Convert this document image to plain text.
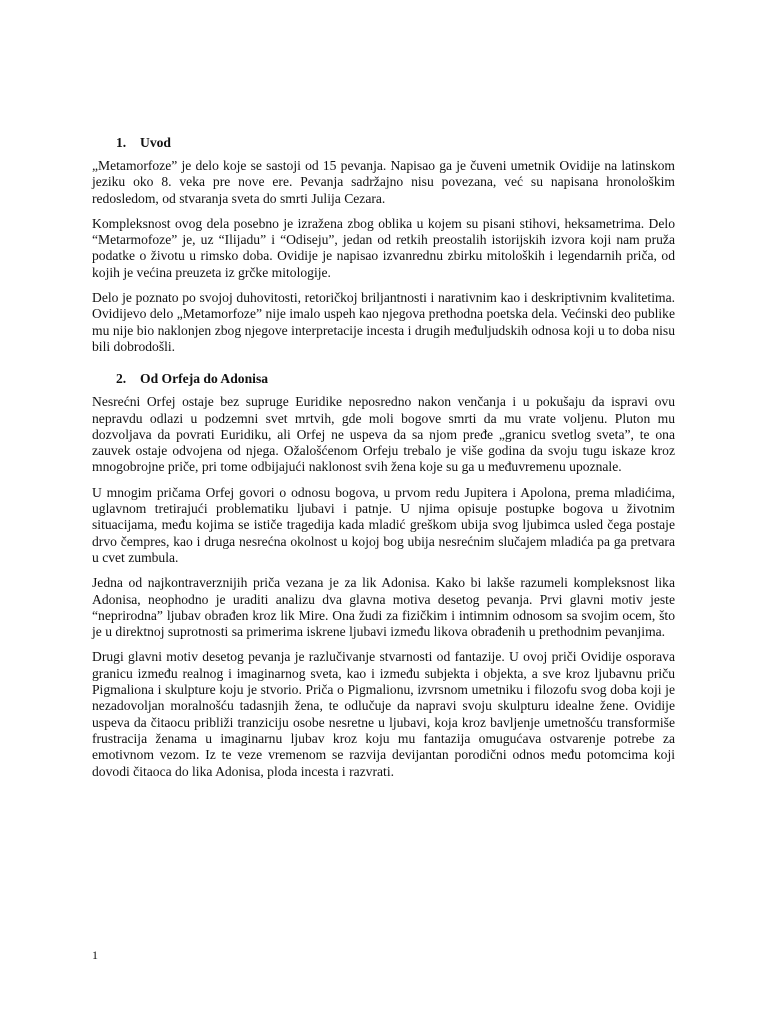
1. Uvod

„Metamorfoze” je delo koje se sastoji od 15 pevanja. Napisao ga je čuveni umetnik Ovidije na latinskom jeziku oko 8. veka pre nove ere. Pevanja sadržajno nisu povezana, već su napisana hronološkim redosledom, od stvaranja sveta do smrti Julija Cezara.

Kompleksnost ovog dela posebno je izražena zbog oblika u kojem su pisani stihovi, heksametrima. Delo “Metarmofoze” je, uz “Ilijadu” i “Odiseju”, jedan od retkih preostalih istorijskih izvora koji nam pruža podatke o životu u rimsko doba. Ovidije je napisao izvanrednu zbirku mitoloških i legendarnih priča, od kojih je većina preuzeta iz grčke mitologije.

Delo je poznato po svojoj duhovitosti, retoričkoj briljantnosti i narativnim kao i deskriptivnim kvalitetima. Ovidijevo delo „Metamorfoze” nije imalo uspeh kao njegova prethodna poetska dela. Većinski deo publike mu nije bio naklonjen zbog njegove interpretacije incesta i drugih međuljudskih odnosa koji u to doba nisu bili dobrodošli.

2. Od Orfeja do Adonisa

Nesrećni Orfej ostaje bez supruge Euridike neposredno nakon venčanja i u pokušaju da ispravi ovu nepravdu odlazi u podzemni svet mrtvih, gde moli bogove smrti da mu vrate voljenu. Pluton mu dozvoljava da povrati Euridiku, ali Orfej ne uspeva da sa njom pređe „granicu svetlog sveta”, te ona zauvek ostaje odvojena od njega. Ožalošćenom Orfeju trebalo je više godina da svoju tugu iskaze kroz mnogobrojne priče, pri tome odbijajući naklonost svih žena koje su ga u međuvremenu upoznale.

U mnogim pričama Orfej govori o odnosu bogova, u prvom redu Jupitera i Apolona, prema mladićima, uglavnom tretirajući problematiku ljubavi i patnje. U njima opisuje postupke bogova u životnim situacijama, među kojima se ističe tragedija kada mladić greškom ubija svog ljubimca usled čega postaje drvo čempres, kao i druga nesrećna okolnost u kojoj bog ubija nesrećnim slučajem mladića pa ga pretvara u cvet zumbula.

Jedna od najkontraverznijih priča vezana je za lik Adonisa. Kako bi lakše razumeli kompleksnost lika Adonisa, neophodno je uraditi analizu dva glavna motiva desetog pevanja. Prvi glavni motiv jeste “neprirodna” ljubav obrađen kroz lik Mire. Ona žudi za fizičkim i intimnim odnosom sa svojim ocem, što je u direktnoj suprotnosti sa primerima iskrene ljubavi između likova obrađenih u prethodnim pevanjima.

Drugi glavni motiv desetog pevanja je razlučivanje stvarnosti od fantazije. U ovoj priči Ovidije osporava granicu između realnog i imaginarnog sveta, kao i između subjekta i objekta, a sve kroz ljubavnu priču Pigmaliona i skulpture koju je stvorio. Priča o Pigmalionu, izvrsnom umetniku i filozofu svog doba koji je nezadovoljan moralnošću tadasnjih žena, te odlučuje da napravi svoju skulpturu idealne žene. Ovidije uspeva da čitaocu približi tranziciju osobe nesretne u ljubavi, koja kroz bavljenje umetnošću transformiše frustracija ženama u imaginarnu ljubav kroz koju mu fantazija omugućava ostvarenje potrebe za emotivnom vezom. Iz te veze vremenom se razvija devijantan porodični odnos među potomcima koji dovodi čitaoca do lika Adonisa, ploda incesta i razvrati.

1
